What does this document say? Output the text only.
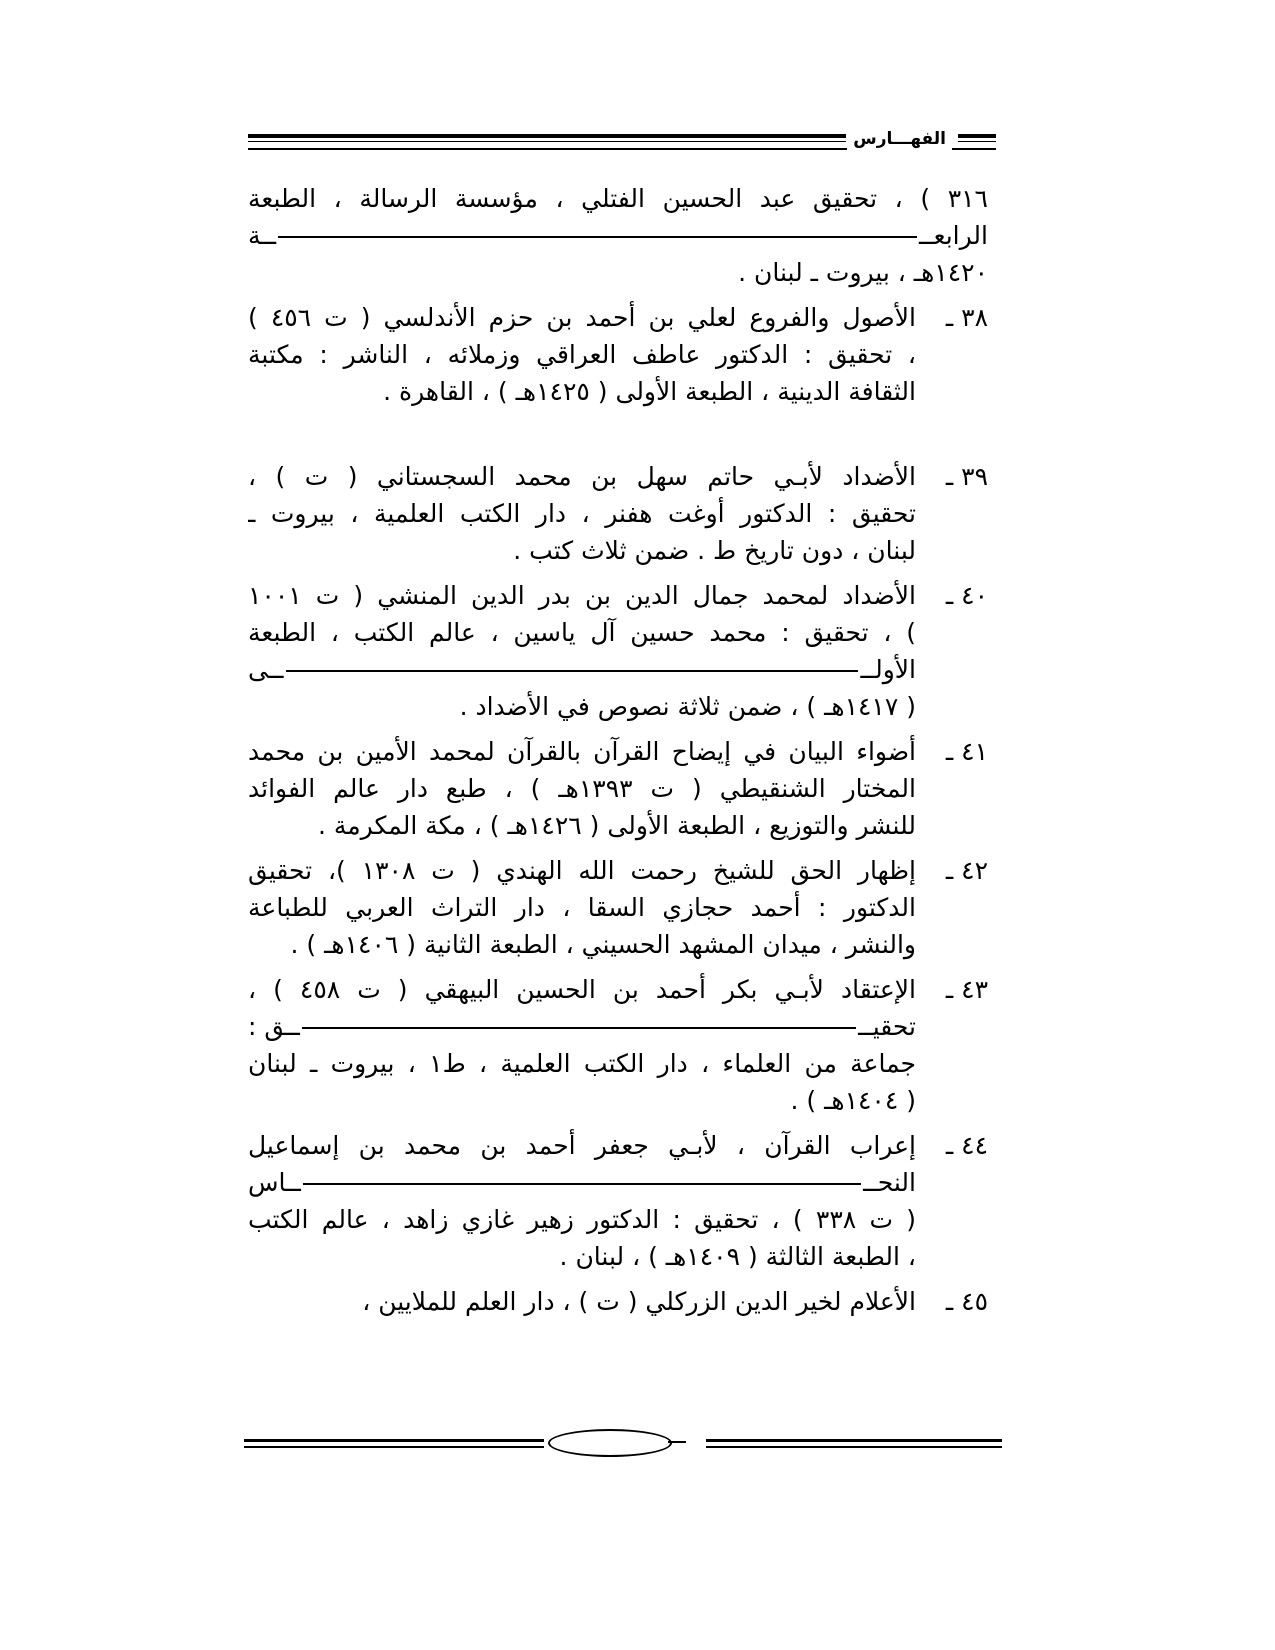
الفهـــارس
٣١٦ ) ، تحقيق عبد الحسين الفتلي ، مؤسسة الرسالة ، الطبعة
الرابعــ
ــة
١٤٢٠هـ ، بيروت ـ لبنان .
٣٨ ـ
الأصول والفروع لعلي بن أحمد بن حزم الأندلسي ( ت ٤٥٦ )
، تحقيق : الدكتور عاطف العراقي وزملائه ، الناشر : مكتبة
الثقافة الدينية ، الطبعة الأولى ( ١٤٢٥هـ ) ، القاهرة .
٣٩ ـ
الأضداد لأبـي حاتم سهل بن محمد السجستاني ( ت ) ،
تحقيق : الدكتور أوغت هفنر ، دار الكتب العلمية ، بيروت ـ
لبنان ، دون تاريخ ط . ضمن ثلاث كتب .
٤٠ ـ
الأضداد لمحمد جمال الدين بن بدر الدين المنشي ( ت ١٠٠١
) ، تحقيق : محمد حسين آل ياسين ، عالم الكتب ، الطبعة
الأولــ
ــى
( ١٤١٧هـ ) ، ضمن ثلاثة نصوص في الأضداد .
٤١ ـ
أضواء البيان في إيضاح القرآن بالقرآن لمحمد الأمين بن محمد
المختار الشنقيطي ( ت ١٣٩٣هـ ) ، طبع دار عالم الفوائد
للنشر والتوزيع ، الطبعة الأولى ( ١٤٢٦هـ ) ، مكة المكرمة .
٤٢ ـ
إظهار الحق للشيخ رحمت الله الهندي ( ت ١٣٠٨ )، تحقيق
الدكتور : أحمد حجازي السقا ، دار التراث العربي للطباعة
والنشر ، ميدان المشهد الحسيني ، الطبعة الثانية ( ١٤٠٦هـ ) .
٤٣ ـ
الإعتقاد لأبـي بكر أحمد بن الحسين البيهقي ( ت ٤٥٨ ) ،
تحقيــ
ــق :
جماعة من العلماء ، دار الكتب العلمية ، ط١ ، بيروت ـ لبنان
( ١٤٠٤هـ ) .
٤٤ ـ
إعراب القرآن ، لأبـي جعفر أحمد بن محمد بن إسماعيل
النحــ
ــاس
( ت ٣٣٨ ) ، تحقيق : الدكتور زهير غازي زاهد ، عالم الكتب
، الطبعة الثالثة ( ١٤٠٩هـ ) ، لبنان .
٤٥ ـ
الأعلام لخير الدين الزركلي ( ت ) ، دار العلم للملايين ،
